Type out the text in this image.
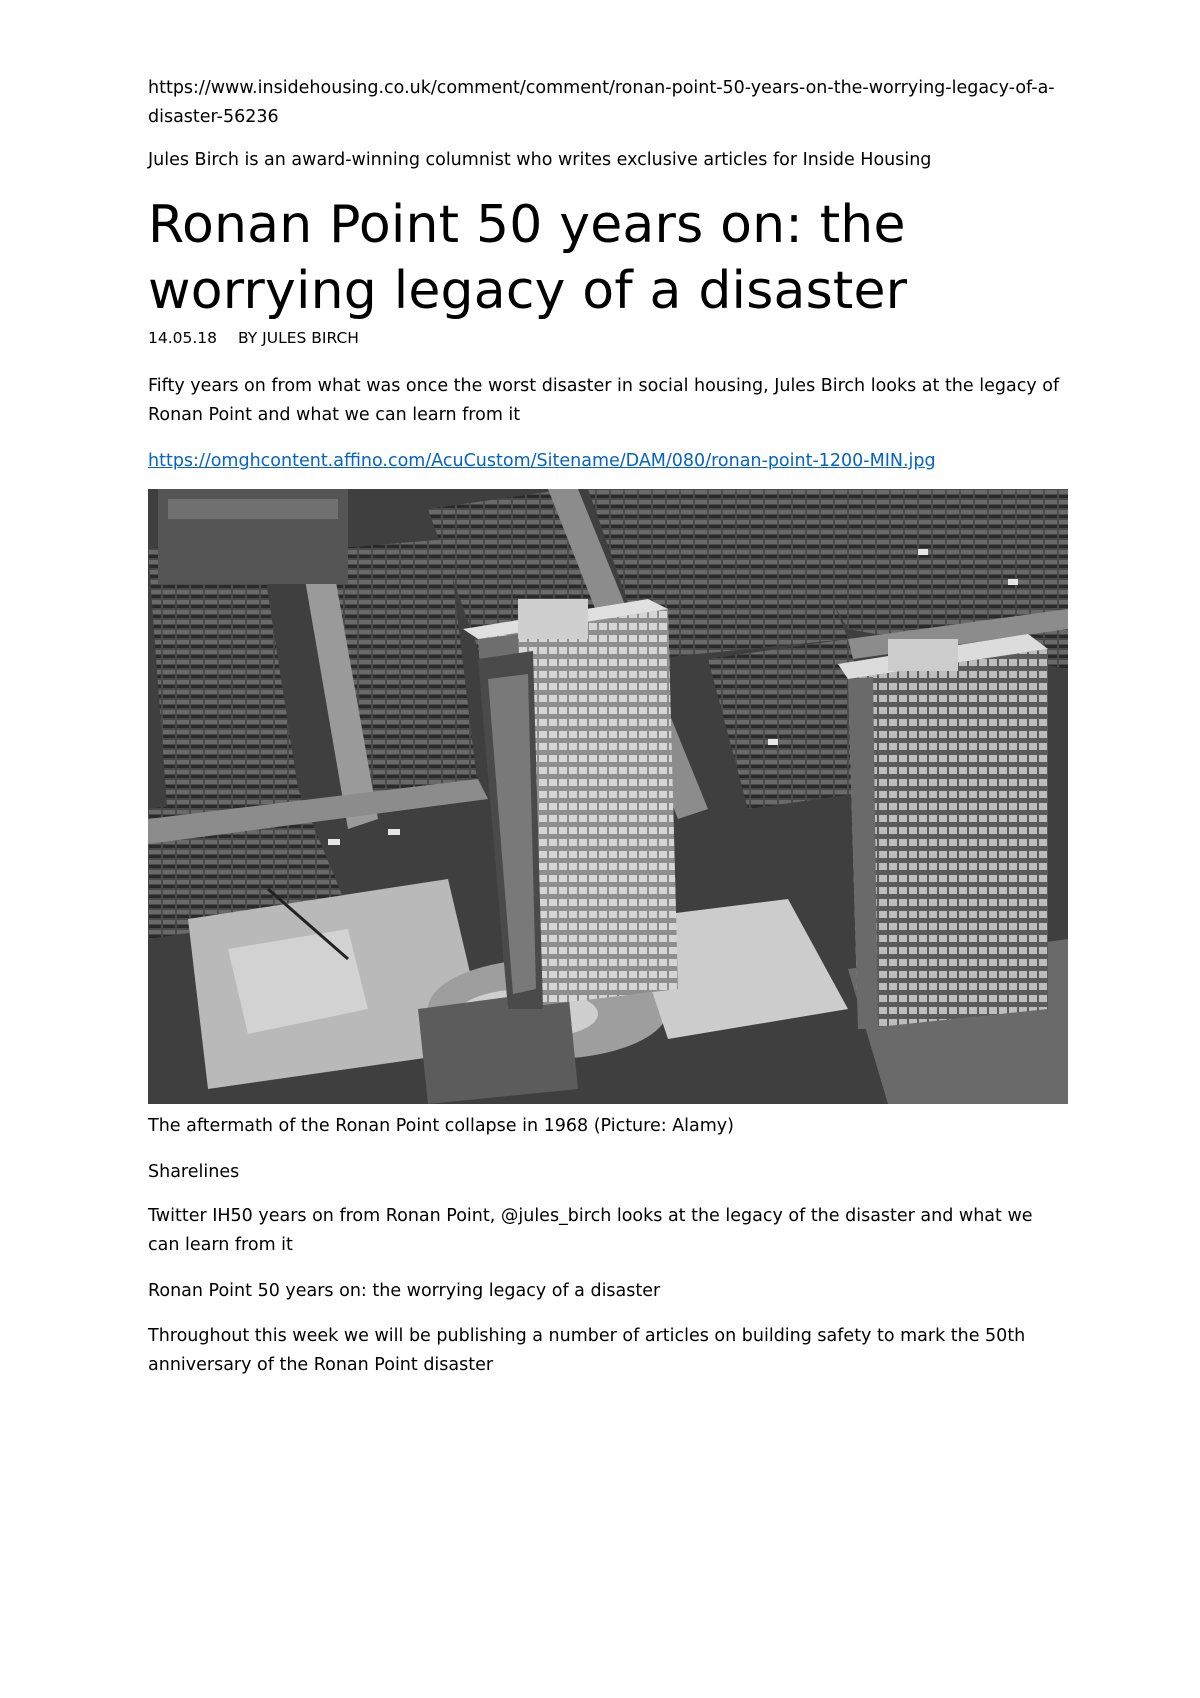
https://www.insidehousing.co.uk/comment/comment/ronan-point-50-years-on-the-worrying-legacy-of-a-disaster-56236

Jules Birch is an award-winning columnist who writes exclusive articles for Inside Housing

Ronan Point 50 years on: the worrying legacy of a disaster
14.05.18 BY JULES BIRCH

Fifty years on from what was once the worst disaster in social housing, Jules Birch looks at the legacy of Ronan Point and what we can learn from it

https://omghcontent.affino.com/AcuCustom/Sitename/DAM/080/ronan-point-1200-MIN.jpg

The aftermath of the Ronan Point collapse in 1968 (Picture: Alamy)

Sharelines

Twitter IH50 years on from Ronan Point, @jules_birch looks at the legacy of the disaster and what we can learn from it

Ronan Point 50 years on: the worrying legacy of a disaster

Throughout this week we will be publishing a number of articles on building safety to mark the 50th anniversary of the Ronan Point disaster
